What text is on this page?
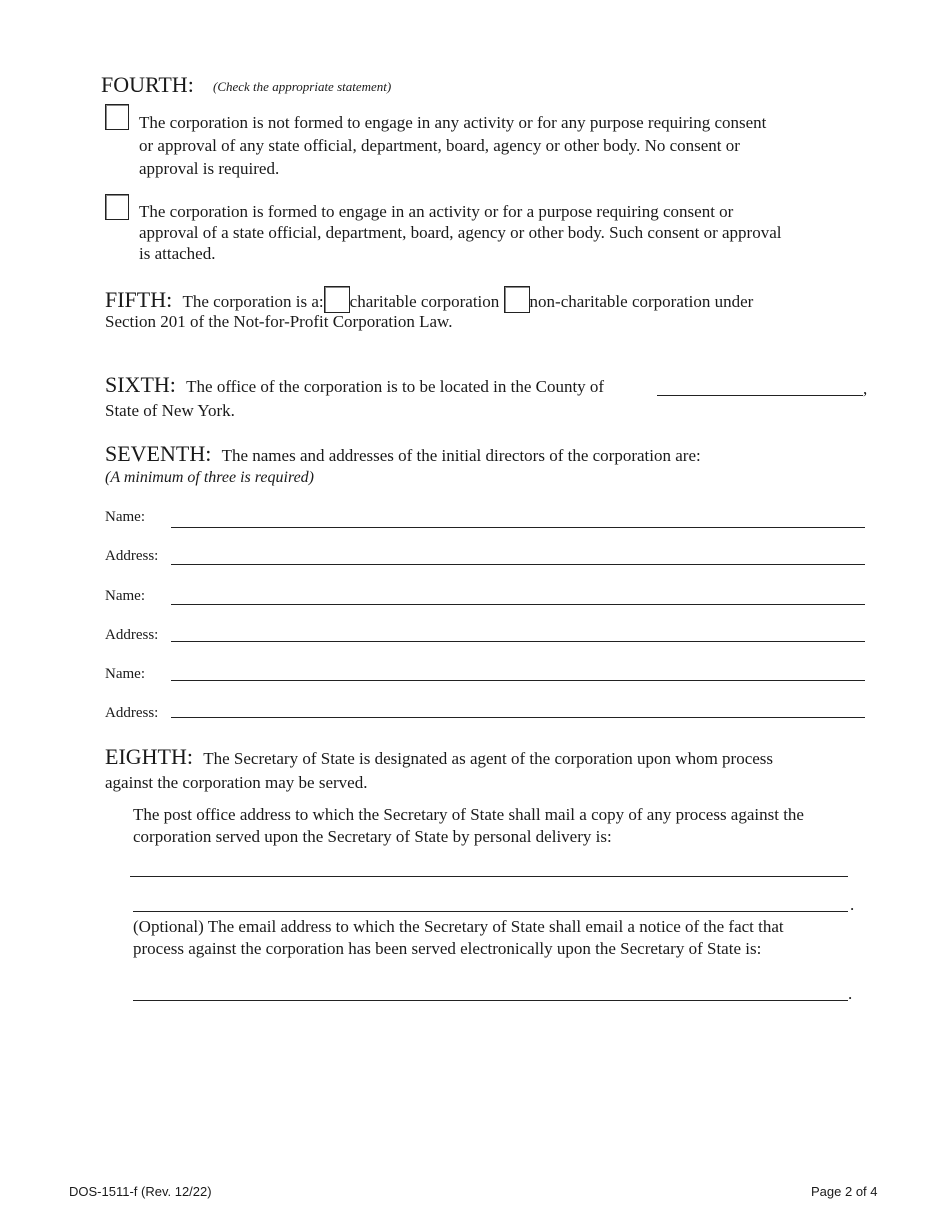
FOURTH: (Check the appropriate statement)
The corporation is not formed to engage in any activity or for any purpose requiring consent
or approval of any state official, department, board, agency or other body. No consent or
approval is required.
The corporation is formed to engage in an activity or for a purpose requiring consent or
approval of a state official, department, board, agency or other body. Such consent or approval
is attached.
FIFTH: The corporation is a: charitable corporation non-charitable corporation under
Section 201 of the Not-for-Profit Corporation Law.
SIXTH: The office of the corporation is to be located in the County of	,
State of New York.
SEVENTH: The names and addresses of the initial directors of the corporation are:
(A minimum of three is required)
Name:
Address:
Name:
Address:
Name:
Address:
EIGHTH: The Secretary of State is designated as agent of the corporation upon whom process
against the corporation may be served.
The post office address to which the Secretary of State shall mail a copy of any process against the
corporation served upon the Secretary of State by personal delivery is:
.
(Optional) The email address to which the Secretary of State shall email a notice of the fact that
process against the corporation has been served electronically upon the Secretary of State is:
.
DOS-1511-f (Rev. 12/22)	Page 2 of 4
